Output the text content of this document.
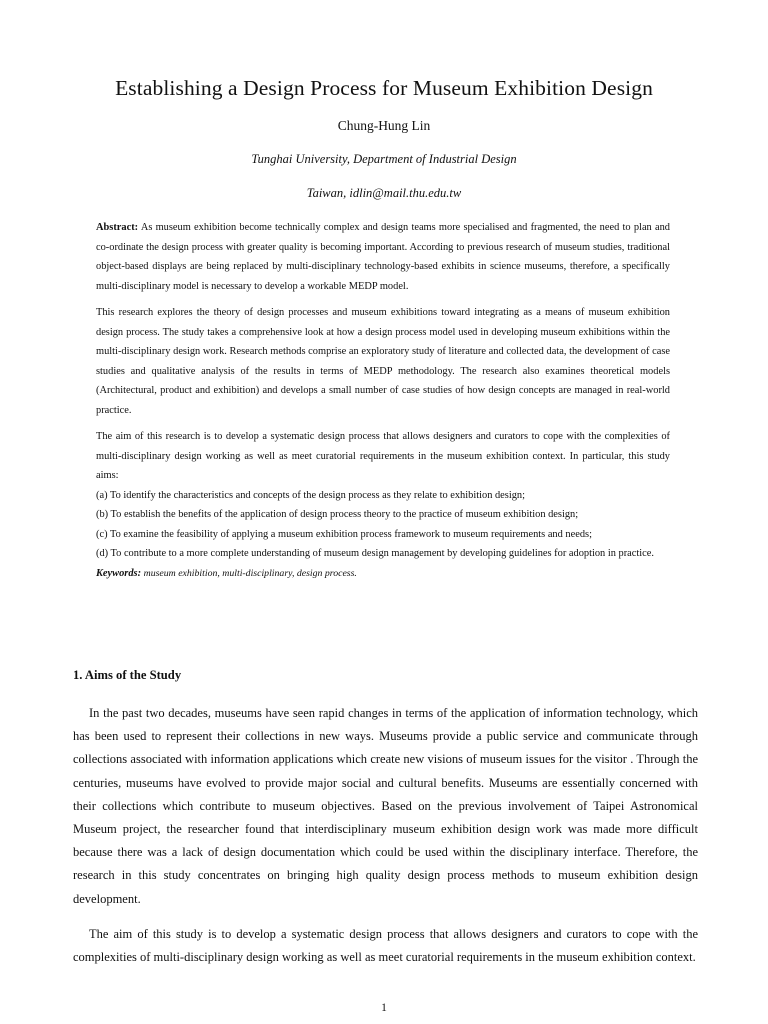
Establishing a Design Process for Museum Exhibition Design
Chung-Hung Lin
Tunghai University, Department of Industrial Design
Taiwan, idlin@mail.thu.edu.tw

Abstract: As museum exhibition become technically complex and design teams more specialised and fragmented, the need to plan and co-ordinate the design process with greater quality is becoming important. According to previous research of museum studies, traditional object-based displays are being replaced by multi-disciplinary technology-based exhibits in science museums, therefore, a specifically multi-disciplinary model is necessary to develop a workable MEDP model.

This research explores the theory of design processes and museum exhibitions toward integrating as a means of museum exhibition design process. The study takes a comprehensive look at how a design process model used in developing museum exhibitions within the multi-disciplinary design work. Research methods comprise an exploratory study of literature and collected data, the development of case studies and qualitative analysis of the results in terms of MEDP methodology. The research also examines theoretical models (Architectural, product and exhibition) and develops a small number of case studies of how design concepts are managed in real-world practice.

The aim of this research is to develop a systematic design process that allows designers and curators to cope with the complexities of multi-disciplinary design working as well as meet curatorial requirements in the museum exhibition context. In particular, this study aims:

(a) To identify the characteristics and concepts of the design process as they relate to exhibition design;

(b) To establish the benefits of the application of design process theory to the practice of museum exhibition design;

(c) To examine the feasibility of applying a museum exhibition process framework to museum requirements and needs;

(d) To contribute to a more complete understanding of museum design management by developing guidelines for adoption in practice.

Keywords: museum exhibition, multi-disciplinary, design process.

1. Aims of the Study

In the past two decades, museums have seen rapid changes in terms of the application of information technology, which has been used to represent their collections in new ways. Museums provide a public service and communicate through collections associated with information applications which create new visions of museum issues for the visitor . Through the centuries, museums have evolved to provide major social and cultural benefits. Museums are essentially concerned with their collections which contribute to museum objectives. Based on the previous involvement of Taipei Astronomical Museum project, the researcher found that interdisciplinary museum exhibition design work was made more difficult because there was a lack of design documentation which could be used within the disciplinary interface. Therefore, the research in this study concentrates on bringing high quality design process methods to museum exhibition design development.

The aim of this study is to develop a systematic design process that allows designers and curators to cope with the complexities of multi-disciplinary design working as well as meet curatorial requirements in the museum exhibition context.

1
